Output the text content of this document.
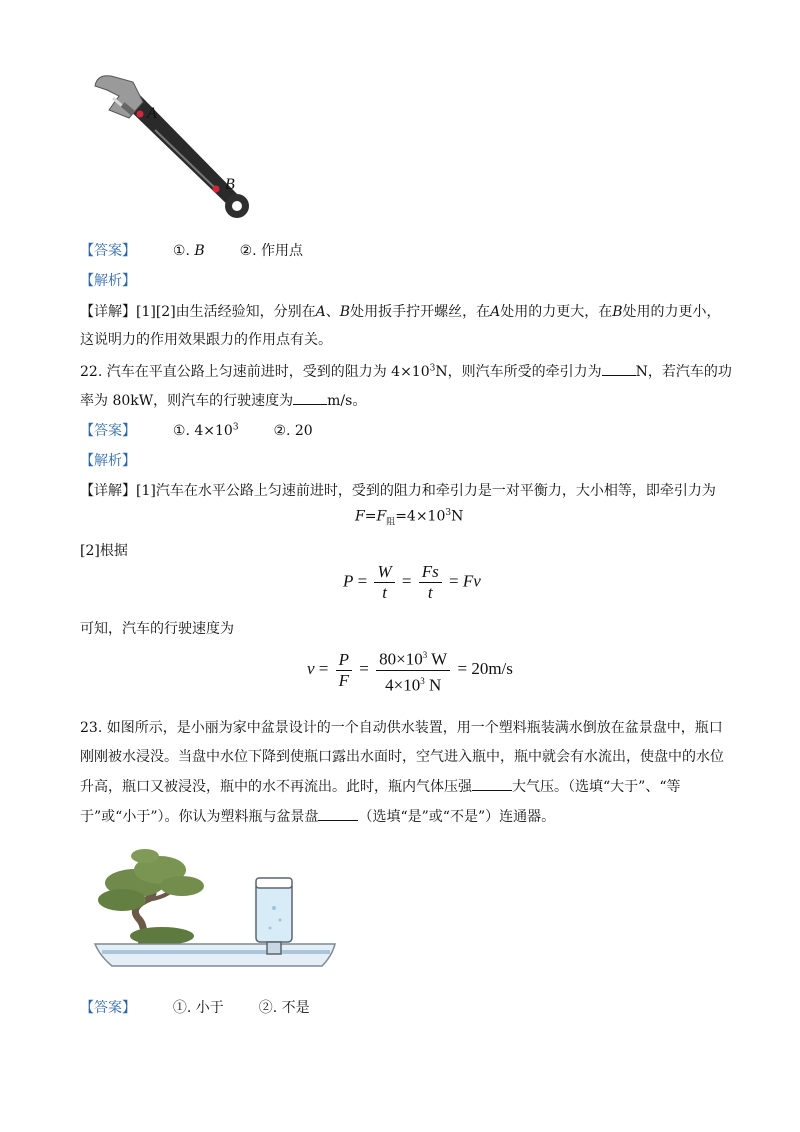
A
B
【答案】	①. B ②. 作用点
【解析】
【详解】[1][2]由生活经验知，分别在A、B处用扳手拧开螺丝，在A处用的力更大，在B处用的力更小，
这说明力的作用效果跟力的作用点有关。
22. 汽车在平直公路上匀速前进时，受到的阻力为 $4\times 10^3N$，则汽车所受的牵引力为 N，若汽车的功
率为 80kW，则汽车的行驶速度为 m/s。
【答案】	①. $4\times 10^3$ ②. 20
【解析】
【详解】[1]汽车在水平公路上匀速前进时，受到的阻力和牵引力是一对平衡力，大小相等，即牵引力为
$F=F_阻=4\times 10^3N$
[2]根据
$P = \frac{W}{t} = \frac{Fs}{t} = Fv$
可知，汽车的行驶速度为
$v = \frac{P}{F} = \frac{80\times 10^3 W}{4\times 10^3 N} = 20m/s$
23. 如图所示，是小丽为家中盆景设计的一个自动供水装置，用一个塑料瓶装满水倒放在盆景盘中，瓶口
刚刚被水浸没。当盘中水位下降到使瓶口露出水面时，空气进入瓶中，瓶中就会有水流出，使盘中的水位
升高，瓶口又被浸没，瓶中的水不再流出。此时，瓶内气体压强	大气压。（选填“大于”、“等
于”或“小于”）。你认为塑料瓶与盆景盘	（选填“是”或“不是”）连通器。
【答案】	①. 小于 ②. 不是
